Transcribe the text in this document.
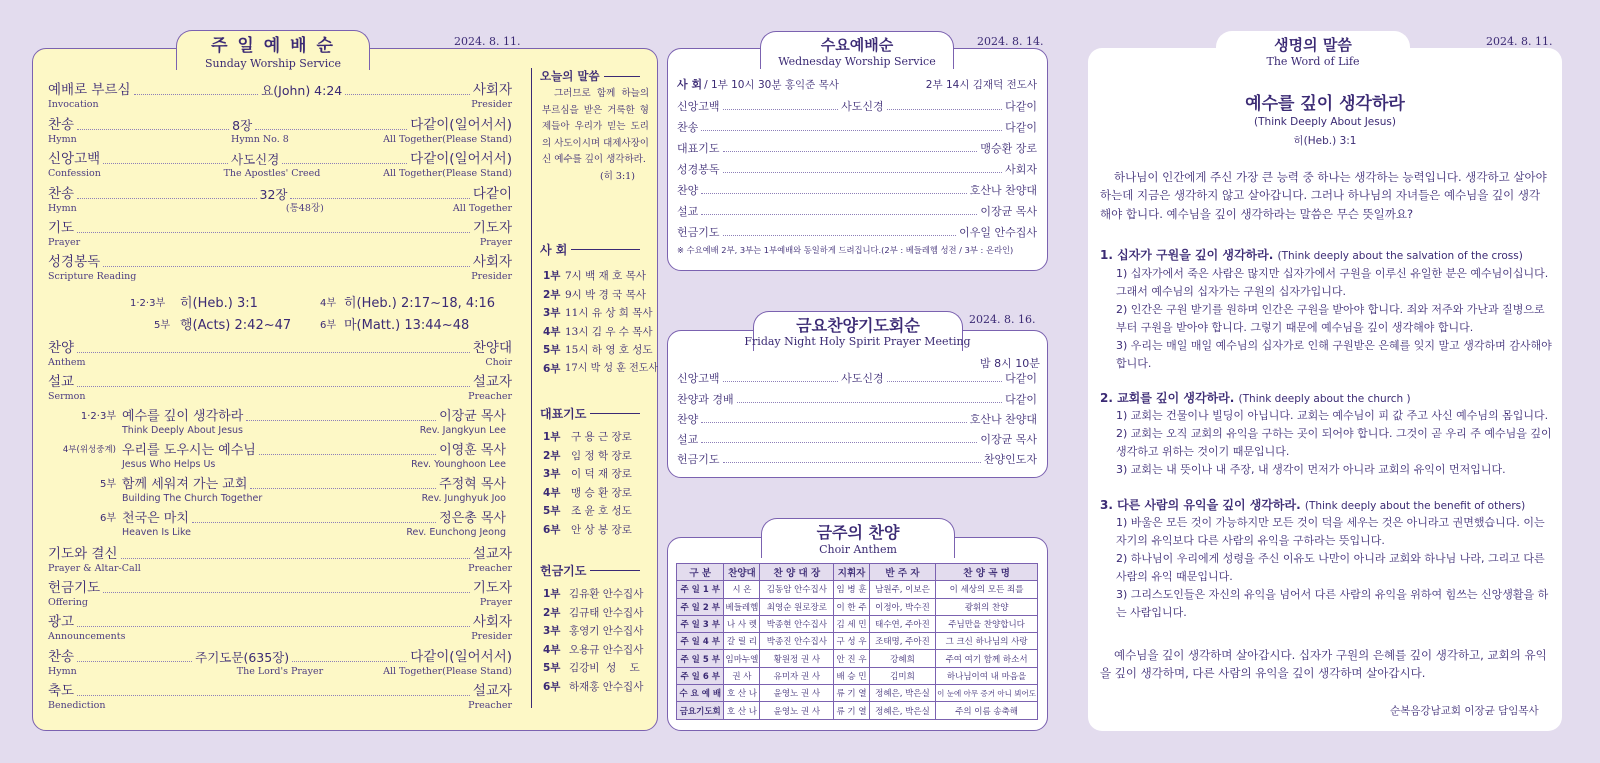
주 일 예 배 순
Sunday Worship Service
2024. 8. 11.
예배로 부르심	요(John) 4:24	사회자
Invocation	Presider
찬송	8장	다같이(일어서서)
Hymn	Hymn No. 8	All Together(Please Stand)
신앙고백	사도신경	다같이(일어서서)
Confession	The Apostles' Creed	All Together(Please Stand)
찬송	32장	다같이
Hymn	(통48장)	All Together
기도	기도자
Prayer	Prayer
성경봉독	사회자
Scripture Reading	Presider
1·2·3부	히(Heb.) 3:1	4부 히(Heb.) 2:17~18, 4:16
5부 행(Acts) 2:42~47	6부 마(Matt.) 13:44~48
찬양	찬양대
Anthem	Choir
설교	설교자
Sermon	Preacher
1·2·3부 예수를 깊이 생각하라	이장균 목사
Think Deeply About Jesus	Rev. Jangkyun Lee
4부(위성중계) 우리를 도우시는 예수님	이영훈 목사
Jesus Who Helps Us	Rev. Younghoon Lee
5부 함께 세워져 가는 교회	주정혁 목사
Building The Church Together	Rev. Junghyuk Joo
6부 천국은 마치	정은총 목사
Heaven Is Like	Rev. Eunchong Jeong
기도와 결신	설교자
Prayer & Altar-Call	Preacher
헌금기도	기도자
Offering	Prayer
광고	사회자
Announcements	Presider
찬송	주기도문(635장)	다같이(일어서서)
Hymn	The Lord's Prayer	All Together(Please Stand)
축도	설교자
Benediction	Preacher
오늘의 말씀
그러므로 함께 하늘의 부르심을 받은 거룩한 형제들아 우리가 믿는 도리의 사도이시며 대제사장이신 예수를 깊이 생각하라.
(히 3:1)
사 회
1부 7시 백 재 호 목사
2부 9시 박 경 국 목사
3부 11시 유 상 희 목사
4부 13시 김 우 수 목사
5부 15시 하 영 호 성도
6부 17시 박 성 훈 전도사
대표기도
1부	구 용 근 장로
2부	임 정 학 장로
3부	이 덕 재 장로
4부	맹 승 환 장로
5부	조 윤 호 성도
6부	안 상 봉 장로
헌금기도
1부 김유환 안수집사
2부 김규태 안수집사
3부 홍영기 안수집사
4부 오용규 안수집사
5부 김강비  성    도
6부 하재홍 안수집사
수요예배순
Wednesday Worship Service
2024. 8. 14.
사 회 / 1부 10시 30분 홍익준 목사	2부 14시 김재덕 전도사
신앙고백	사도신경	다같이
찬송	다같이
대표기도	맹승환 장로
성경봉독	사회자
찬양	호산나 찬양대
설교	이장균 목사
헌금기도	이우일 안수집사
※ 수요예배 2부, 3부는 1부예배와 동일하게 드려집니다.(2부 : 베들레헴 성전 / 3부 : 온라인)
금요찬양기도회순
Friday Night Holy Spirit Prayer Meeting
2024. 8. 16.
밤 8시 10분
신앙고백	사도신경	다같이
찬양과 경배	다같이
찬양	호산나 찬양대
설교	이장균 목사
헌금기도	찬양인도자
금주의 찬양
Choir Anthem
구 분	찬양대	찬 양 대 장	지휘자	반 주 자	찬 양 곡 명
주 일 1 부	시 온	김동암 안수집사	임 병 훈	남원주, 이보은	이 세상의 모든 죄를
주 일 2 부	베들레헴	최영순 원로장로	이 한 주	이정아, 박수진	광휘의 찬양
주 일 3 부	나 사 렛	박종현 안수집사	김 세 민	태수연, 주아진	주님만을 찬양합니다
주 일 4 부	갈 릴 리	박종진 안수집사	구 성 우	조태명, 주아진	그 크신 하나님의 사랑
주 일 5 부	임마누엘	황원정 권 사	안 진 우	강혜희	주여 여기 함께 하소서
주 일 6 부	권 사	유미자 권 사	배 승 민	김미희	하나님이여 내 마음을
수 요 예 배	호 산 나	윤영노 권 사	류 기 열	정혜은, 박은실	이 눈에 아무 증거 아니 뵈어도
금요기도회	호 산 나	윤영노 권 사	류 기 열	정혜은, 박은실	주의 이름 송축해
생명의 말씀
The Word of Life
2024. 8. 11.
예수를 깊이 생각하라
(Think Deeply About Jesus)
히(Heb.) 3:1
하나님이 인간에게 주신 가장 큰 능력 중 하나는 생각하는 능력입니다. 생각하고 살아야 하는데 지금은 생각하지 않고 살아갑니다. 그러나 하나님의 자녀들은 예수님을 깊이 생각해야 합니다. 예수님을 깊이 생각하라는 말씀은 무슨 뜻일까요?
1. 십자가 구원을 깊이 생각하라. (Think deeply about the salvation of the cross)
1) 십자가에서 죽은 사람은 많지만 십자가에서 구원을 이루신 유일한 분은 예수님이십니다. 그래서 예수님의 십자가는 구원의 십자가입니다.
2) 인간은 구원 받기를 원하며 인간은 구원을 받아야 합니다. 죄와 저주와 가난과 질병으로부터 구원을 받아야 합니다. 그렇기 때문에 예수님을 깊이 생각해야 합니다.
3) 우리는 매일 매일 예수님의 십자가로 인해 구원받은 은혜를 잊지 말고 생각하며 감사해야 합니다.
2. 교회를 깊이 생각하라. (Think deeply about the church )
1) 교회는 건물이나 빌딩이 아닙니다. 교회는 예수님이 피 값 주고 사신 예수님의 몸입니다.
2) 교회는 오직 교회의 유익을 구하는 곳이 되어야 합니다. 그것이 곧 우리 주 예수님을 깊이 생각하고 위하는 것이기 때문입니다.
3) 교회는 내 뜻이나 내 주장, 내 생각이 먼저가 아니라 교회의 유익이 먼저입니다.
3. 다른 사람의 유익을 깊이 생각하라. (Think deeply about the benefit of others)
1) 바울은 모든 것이 가능하지만 모든 것이 덕을 세우는 것은 아니라고 권면했습니다. 이는 자기의 유익보다 다른 사람의 유익을 구하라는 뜻입니다.
2) 하나님이 우리에게 성령을 주신 이유도 나만이 아니라 교회와 하나님 나라, 그리고 다른 사람의 유익 때문입니다.
3) 그리스도인들은 자신의 유익을 넘어서 다른 사람의 유익을 위하여 힘쓰는 신앙생활을 하는 사람입니다.
예수님을 깊이 생각하며 살아갑시다. 십자가 구원의 은혜를 깊이 생각하고, 교회의 유익을 깊이 생각하며, 다른 사람의 유익을 깊이 생각하며 살아갑시다.
순복음강남교회 이장균 담임목사
